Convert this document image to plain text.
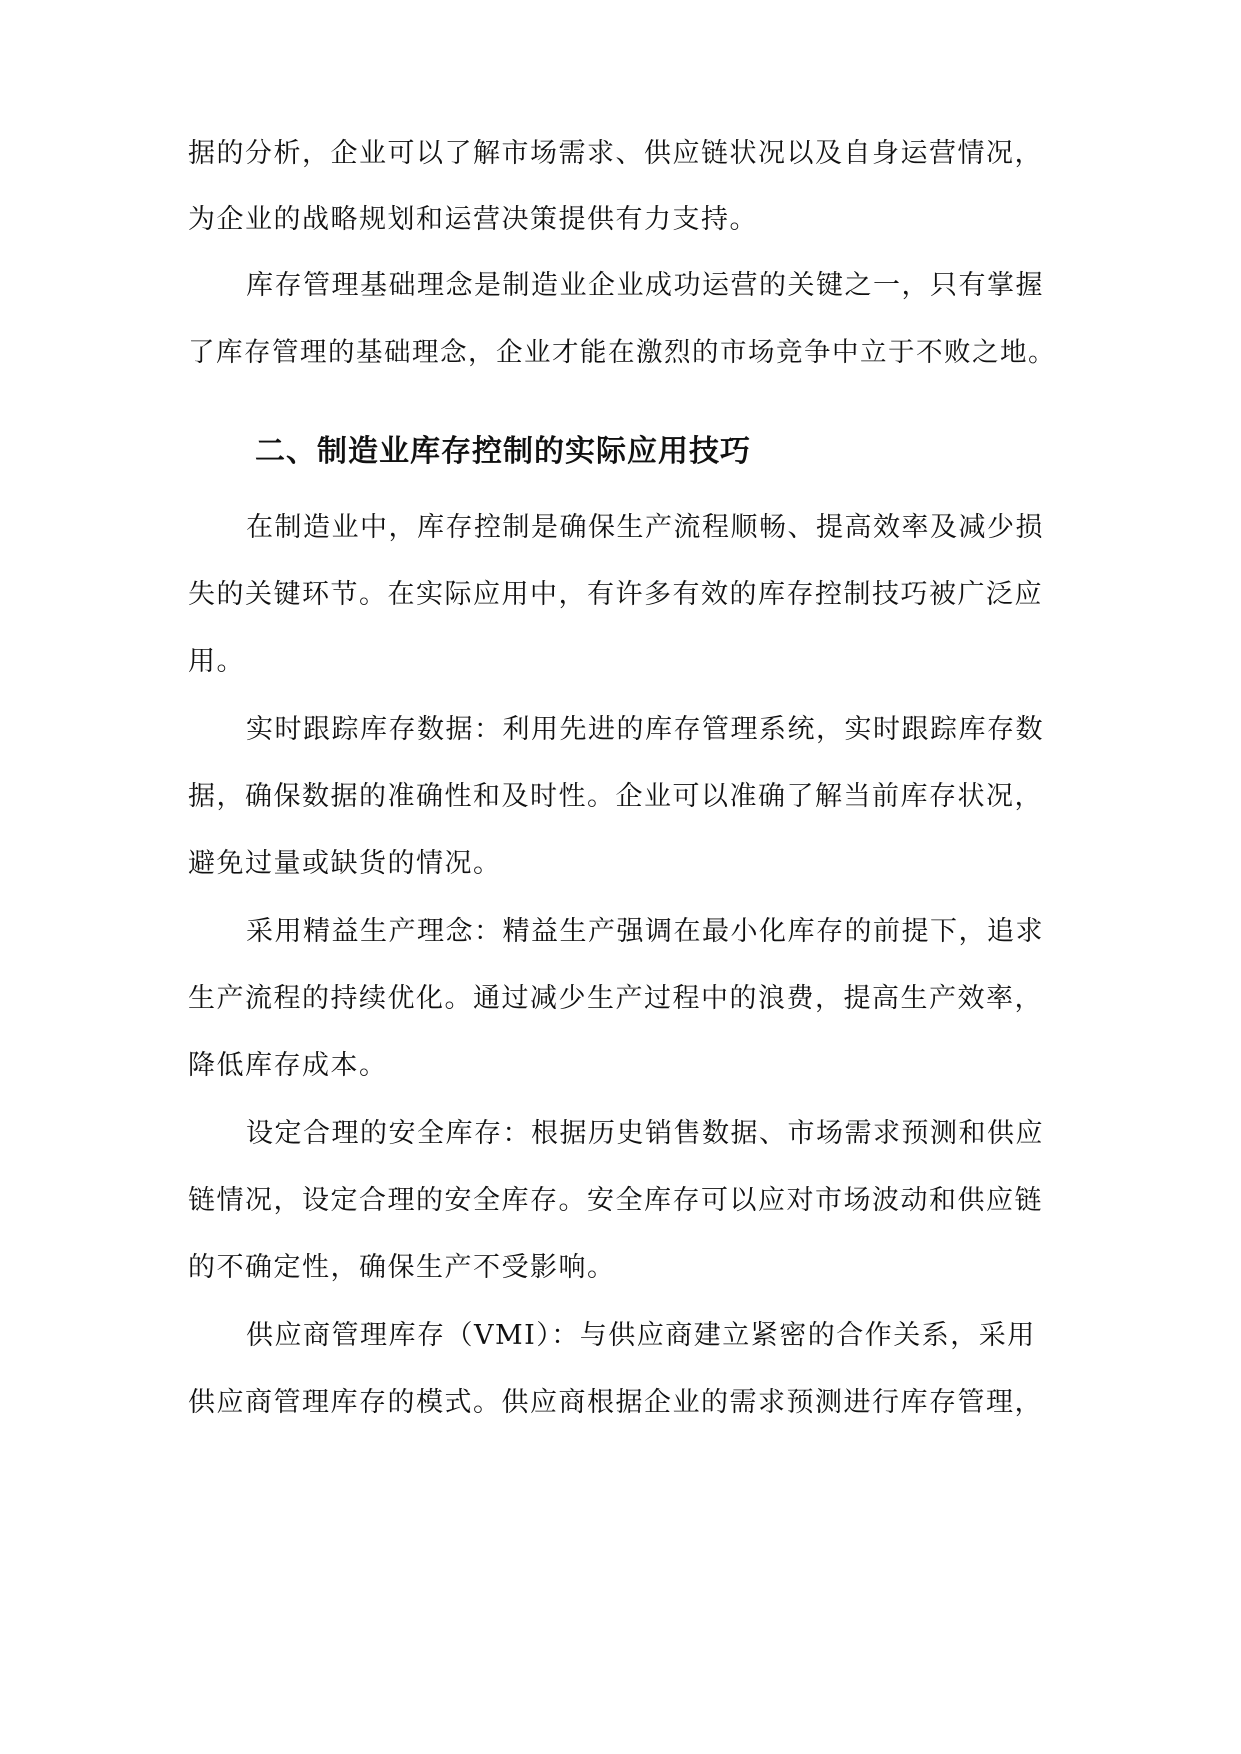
据的分析，企业可以了解市场需求、供应链状况以及自身运营情况，
为企业的战略规划和运营决策提供有力支持。
库存管理基础理念是制造业企业成功运营的关键之一，只有掌握
了库存管理的基础理念，企业才能在激烈的市场竞争中立于不败之地。
二、制造业库存控制的实际应用技巧
在制造业中，库存控制是确保生产流程顺畅、提高效率及减少损
失的关键环节。在实际应用中，有许多有效的库存控制技巧被广泛应
用。
实时跟踪库存数据：利用先进的库存管理系统，实时跟踪库存数
据，确保数据的准确性和及时性。企业可以准确了解当前库存状况，
避免过量或缺货的情况。
采用精益生产理念：精益生产强调在最小化库存的前提下，追求
生产流程的持续优化。通过减少生产过程中的浪费，提高生产效率，
降低库存成本。
设定合理的安全库存：根据历史销售数据、市场需求预测和供应
链情况，设定合理的安全库存。安全库存可以应对市场波动和供应链
的不确定性，确保生产不受影响。
供应商管理库存（VMI）：与供应商建立紧密的合作关系，采用
供应商管理库存的模式。供应商根据企业的需求预测进行库存管理，
